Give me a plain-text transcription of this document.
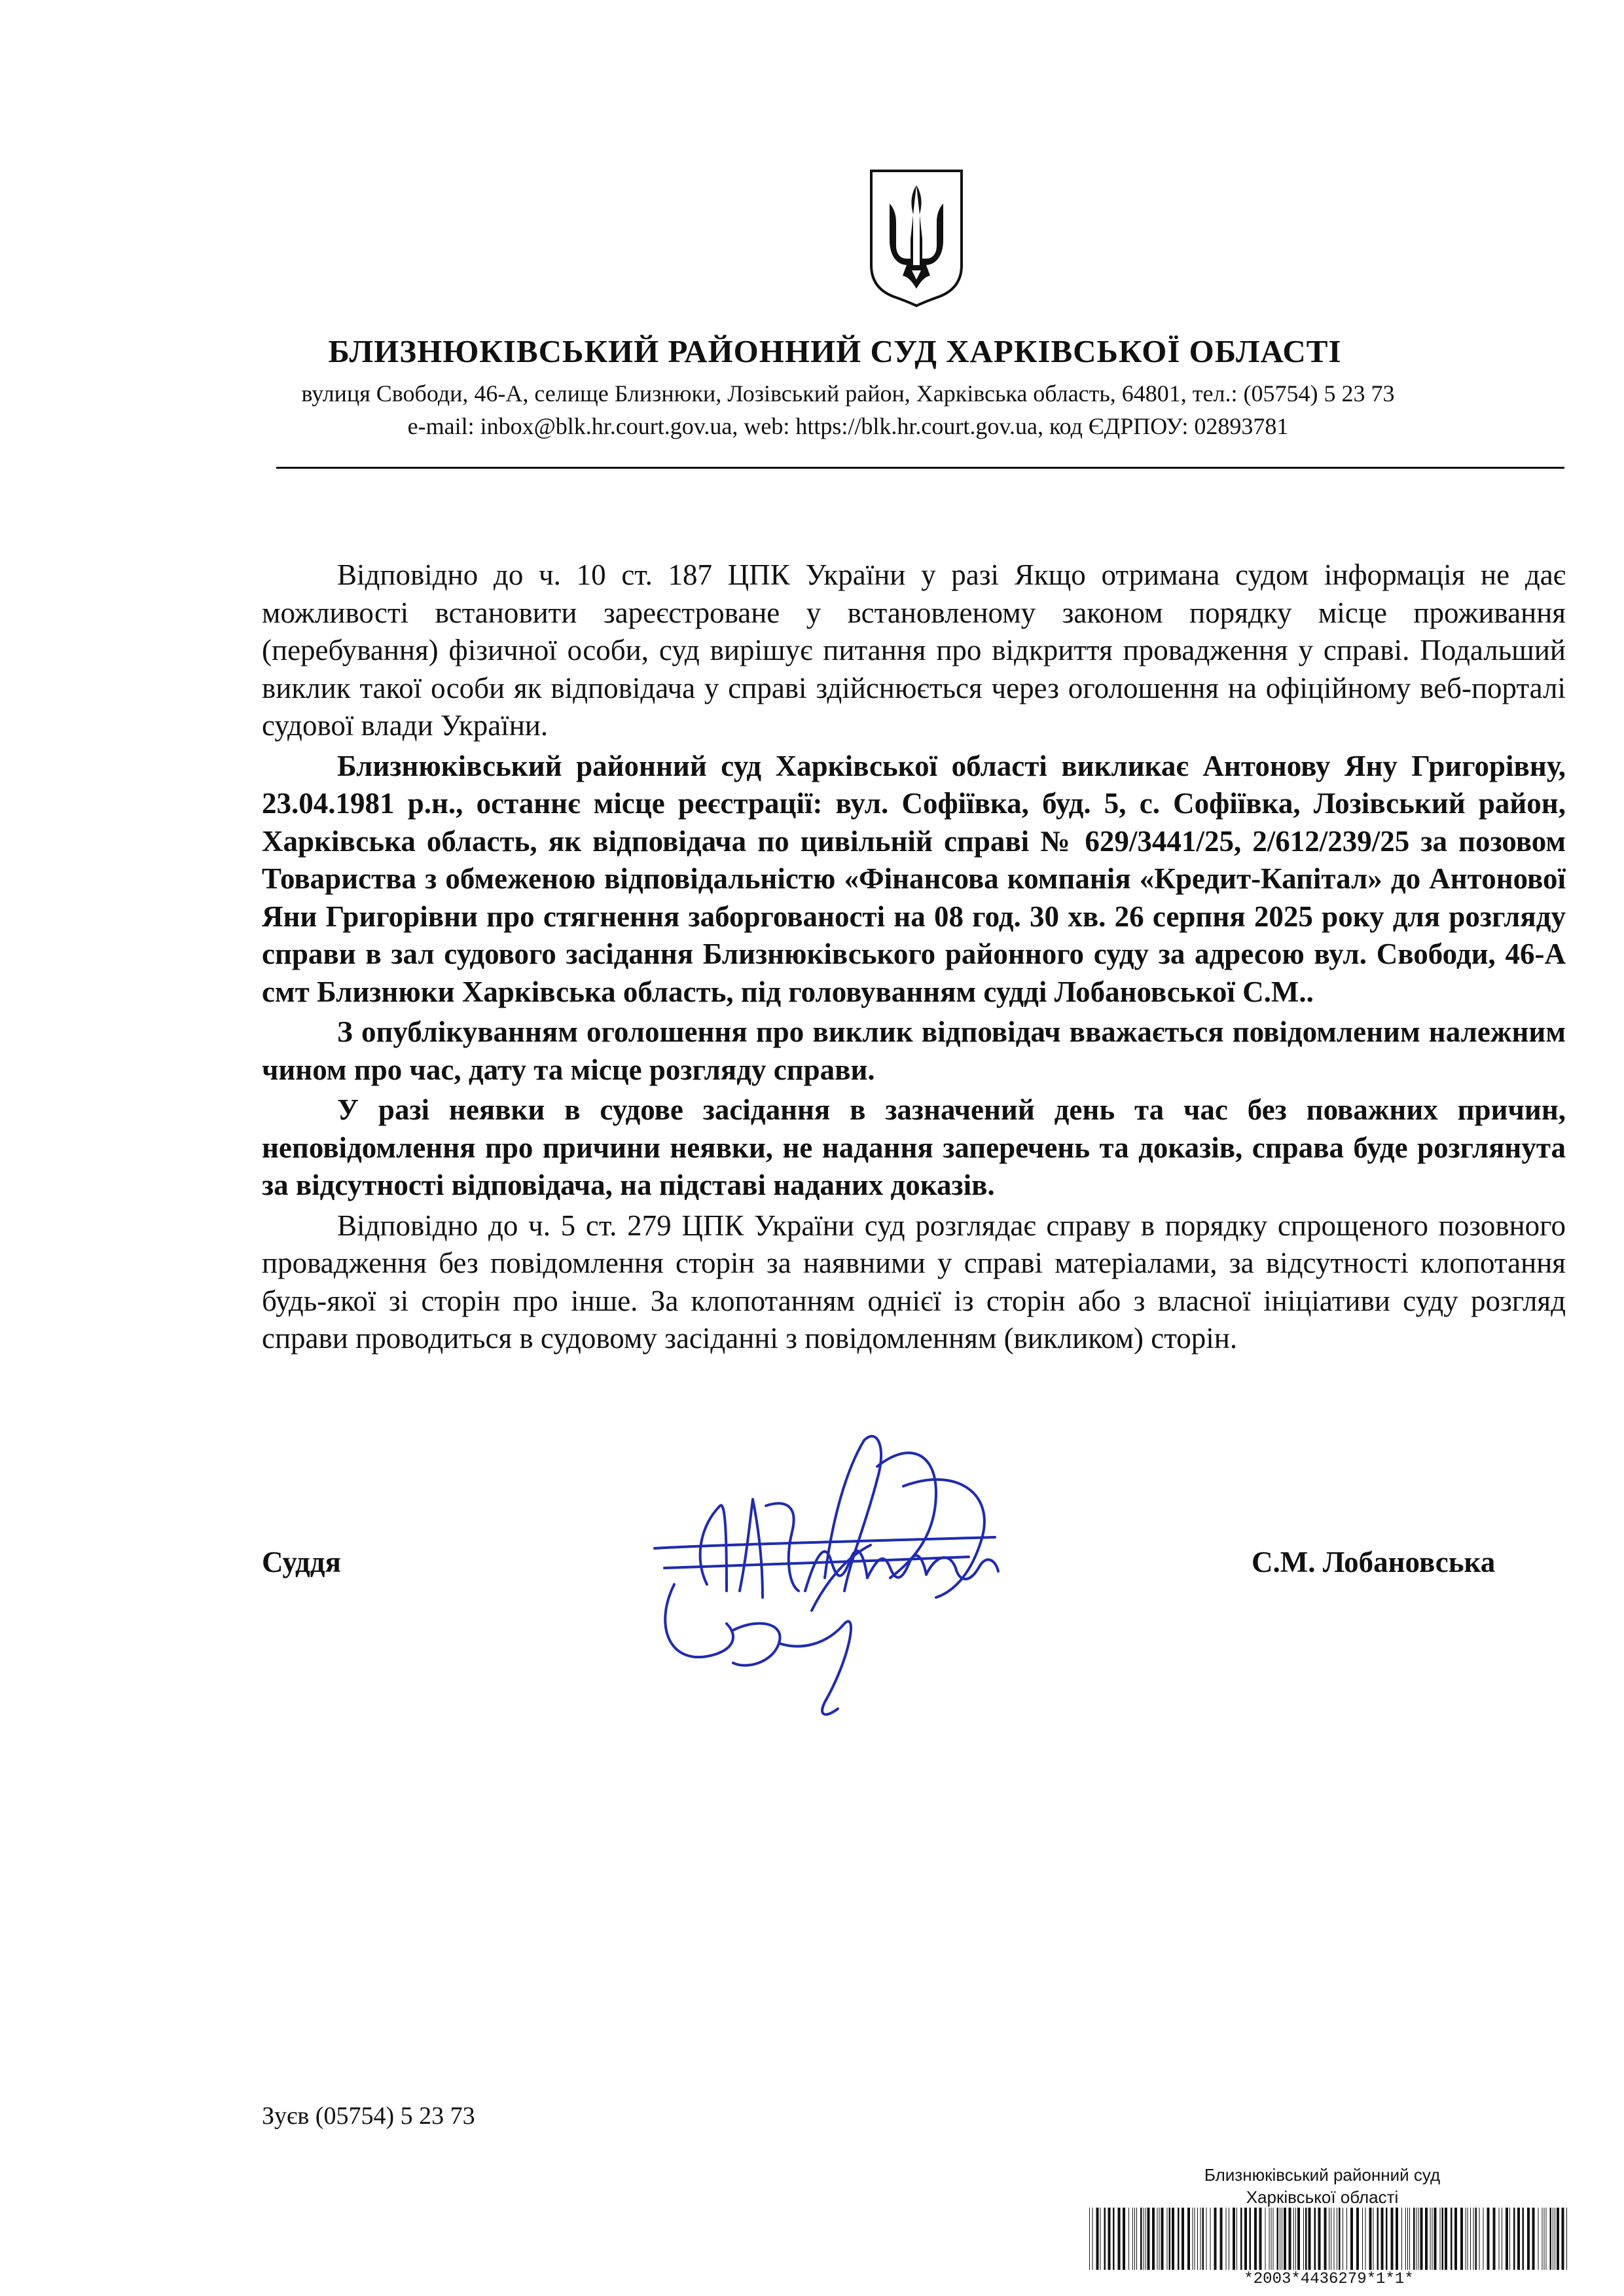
БЛИЗНЮКІВСЬКИЙ РАЙОННИЙ СУД ХАРКІВСЬКОЇ ОБЛАСТІ
вулиця Свободи, 46-А, селище Близнюки, Лозівський район, Харківська область, 64801, тел.: (05754) 5 23 73
e-mail: inbox@blk.hr.court.gov.ua, web: https://blk.hr.court.gov.ua, код ЄДРПОУ: 02893781

Відповідно до ч. 10 ст. 187 ЦПК України у разі Якщо отримана судом інформація не дає можливості встановити зареєстроване у встановленому законом порядку місце проживання (перебування) фізичної особи, суд вирішує питання про відкриття провадження у справі. Подальший виклик такої особи як відповідача у справі здійснюється через оголошення на офіційному веб-порталі судової влади України.

Близнюківський районний суд Харківської області викликає Антонову Яну Григорівну, 23.04.1981 р.н., останнє місце реєстрації: вул. Софіївка, буд. 5, с. Софіївка, Лозівський район, Харківська область, як відповідача по цивільній справі № 629/3441/25, 2/612/239/25 за позовом Товариства з обмеженою відповідальністю «Фінансова компанія «Кредит-Капітал» до Антонової Яни Григорівни про стягнення заборгованості на 08 год. 30 хв. 26 серпня 2025 року для розгляду справи в зал судового засідання Близнюківського районного суду за адресою вул. Свободи, 46-А смт Близнюки Харківська область, під головуванням судді Лобановської С.М..

З опублікуванням оголошення про виклик відповідач вважається повідомленим належним чином про час, дату та місце розгляду справи.

У разі неявки в судове засідання в зазначений день та час без поважних причин, неповідомлення про причини неявки, не надання заперечень та доказів, справа буде розглянута за відсутності відповідача, на підставі наданих доказів.

Відповідно до ч. 5 ст. 279 ЦПК України суд розглядає справу в порядку спрощеного позовного провадження без повідомлення сторін за наявними у справі матеріалами, за відсутності клопотання будь-якої зі сторін про інше. За клопотанням однієї із сторін або з власної ініціативи суду розгляд справи проводиться в судовому засіданні з повідомленням (викликом) сторін.

Суддя	С.М. Лобановська
Зуєв (05754) 5 23 73
Близнюківський районний суд
Харківської області
*2003*4436279*1*1*
